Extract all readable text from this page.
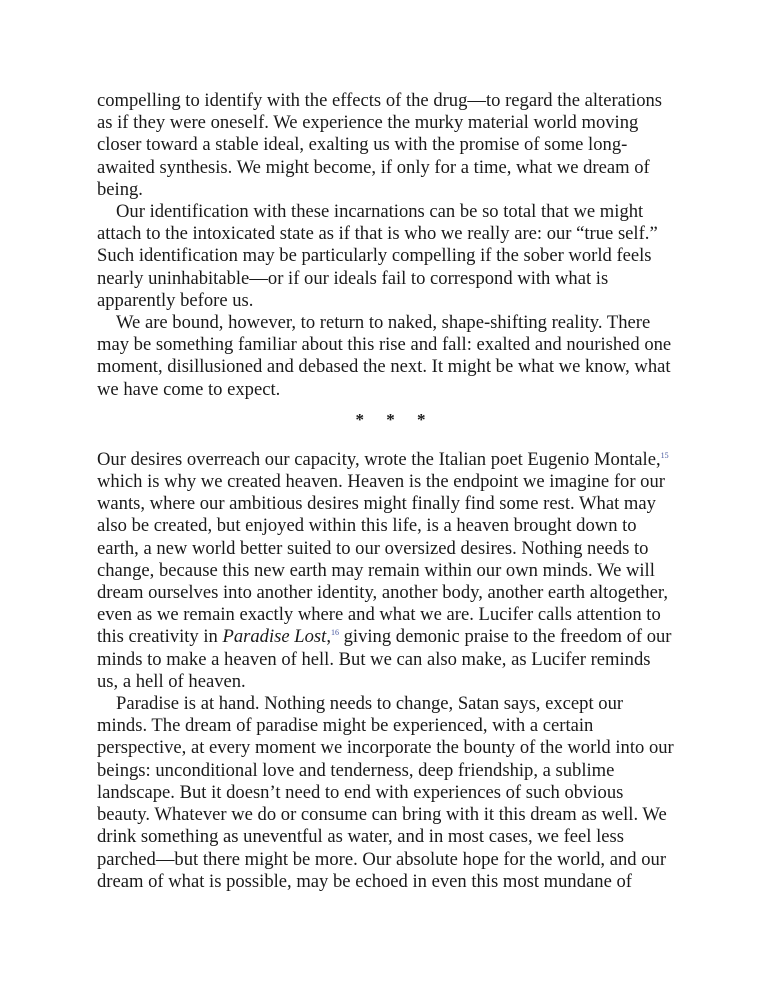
compelling to identify with the effects of the drug—to regard the alterations as if they were oneself. We experience the murky material world moving closer toward a stable ideal, exalting us with the promise of some long-awaited synthesis. We might become, if only for a time, what we dream of being.

Our identification with these incarnations can be so total that we might attach to the intoxicated state as if that is who we really are: our “true self.” Such identification may be particularly compelling if the sober world feels nearly uninhabitable—or if our ideals fail to correspond with what is apparently before us.

We are bound, however, to return to naked, shape-shifting reality. There may be something familiar about this rise and fall: exalted and nourished one moment, disillusioned and debased the next. It might be what we know, what we have come to expect.

* * *

Our desires overreach our capacity, wrote the Italian poet Eugenio Montale,$^{15}$ which is why we created heaven. Heaven is the endpoint we imagine for our wants, where our ambitious desires might finally find some rest. What may also be created, but enjoyed within this life, is a heaven brought down to earth, a new world better suited to our oversized desires. Nothing needs to change, because this new earth may remain within our own minds. We will dream ourselves into another identity, another body, another earth altogether, even as we remain exactly where and what we are. Lucifer calls attention to this creativity in Paradise Lost,$^{16}$ giving demonic praise to the freedom of our minds to make a heaven of hell. But we can also make, as Lucifer reminds us, a hell of heaven.

Paradise is at hand. Nothing needs to change, Satan says, except our minds. The dream of paradise might be experienced, with a certain perspective, at every moment we incorporate the bounty of the world into our beings: unconditional love and tenderness, deep friendship, a sublime landscape. But it doesn’t need to end with experiences of such obvious beauty. Whatever we do or consume can bring with it this dream as well. We drink something as uneventful as water, and in most cases, we feel less parched—but there might be more. Our absolute hope for the world, and our dream of what is possible, may be echoed in even this most mundane of
